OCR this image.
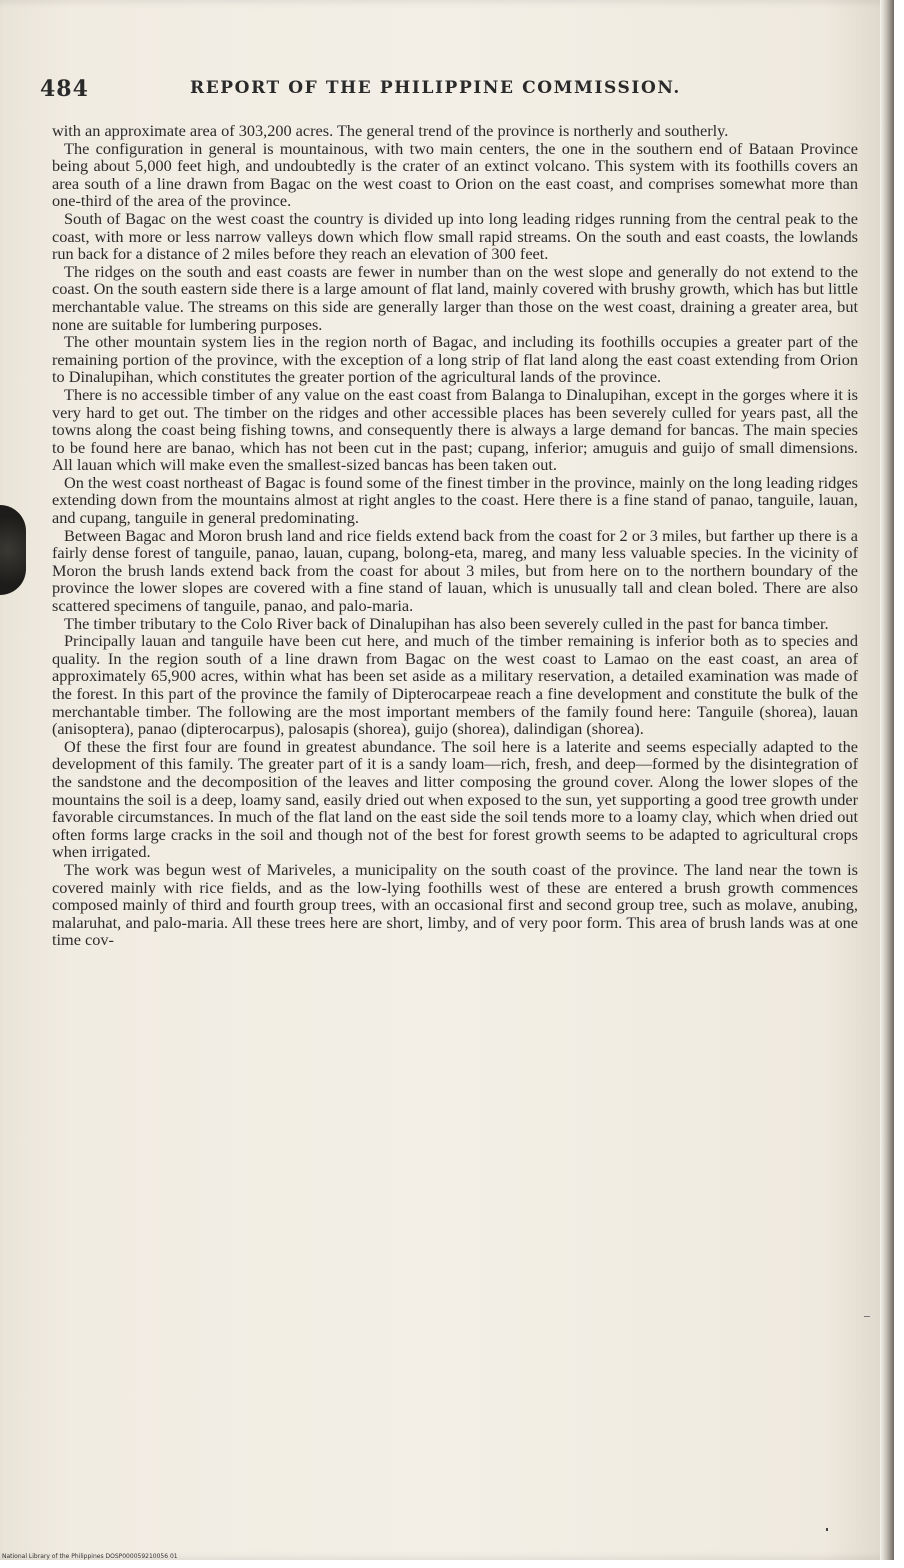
484	REPORT OF THE PHILIPPINE COMMISSION.

with an approximate area of 303,200 acres. The general trend of the province is northerly and southerly.

The configuration in general is mountainous, with two main centers, the one in the southern end of Bataan Province being about 5,000 feet high, and undoubtedly is the crater of an extinct volcano. This system with its foothills covers an area south of a line drawn from Bagac on the west coast to Orion on the east coast, and comprises somewhat more than one-third of the area of the province.

South of Bagac on the west coast the country is divided up into long leading ridges running from the central peak to the coast, with more or less narrow valleys down which flow small rapid streams. On the south and east coasts, the lowlands run back for a distance of 2 miles before they reach an elevation of 300 feet.

The ridges on the south and east coasts are fewer in number than on the west slope and generally do not extend to the coast. On the south eastern side there is a large amount of flat land, mainly covered with brushy growth, which has but little merchantable value. The streams on this side are generally larger than those on the west coast, draining a greater area, but none are suitable for lumbering purposes.

The other mountain system lies in the region north of Bagac, and including its foothills occupies a greater part of the remaining portion of the province, with the exception of a long strip of flat land along the east coast extending from Orion to Dinalupihan, which constitutes the greater portion of the agricultural lands of the province.

There is no accessible timber of any value on the east coast from Balanga to Dinalupihan, except in the gorges where it is very hard to get out. The timber on the ridges and other accessible places has been severely culled for years past, all the towns along the coast being fishing towns, and consequently there is always a large demand for bancas. The main species to be found here are banao, which has not been cut in the past; cupang, inferior; amuguis and guijo of small dimensions. All lauan which will make even the smallest-sized bancas has been taken out.

On the west coast northeast of Bagac is found some of the finest timber in the province, mainly on the long leading ridges extending down from the mountains almost at right angles to the coast. Here there is a fine stand of panao, tanguile, lauan, and cupang, tanguile in general predominating.

Between Bagac and Moron brush land and rice fields extend back from the coast for 2 or 3 miles, but farther up there is a fairly dense forest of tanguile, panao, lauan, cupang, bolong-eta, mareg, and many less valuable species. In the vicinity of Moron the brush lands extend back from the coast for about 3 miles, but from here on to the northern boundary of the province the lower slopes are covered with a fine stand of lauan, which is unusually tall and clean boled. There are also scattered specimens of tanguile, panao, and palo-maria.

The timber tributary to the Colo River back of Dinalupihan has also been severely culled in the past for banca timber.

Principally lauan and tanguile have been cut here, and much of the timber remaining is inferior both as to species and quality. In the region south of a line drawn from Bagac on the west coast to Lamao on the east coast, an area of approximately 65,900 acres, within what has been set aside as a military reservation, a detailed examination was made of the forest. In this part of the province the family of Dipterocarpeae reach a fine development and constitute the bulk of the merchantable timber. The following are the most important members of the family found here: Tanguile (shorea), lauan (anisoptera), panao (dipterocarpus), palosapis (shorea), guijo (shorea), dalindigan (shorea).

Of these the first four are found in greatest abundance. The soil here is a laterite and seems especially adapted to the development of this family. The greater part of it is a sandy loam—rich, fresh, and deep—formed by the disintegration of the sandstone and the decomposition of the leaves and litter composing the ground cover. Along the lower slopes of the mountains the soil is a deep, loamy sand, easily dried out when exposed to the sun, yet supporting a good tree growth under favorable circumstances. In much of the flat land on the east side the soil tends more to a loamy clay, which when dried out often forms large cracks in the soil and though not of the best for forest growth seems to be adapted to agricultural crops when irrigated.

The work was begun west of Mariveles, a municipality on the south coast of the province. The land near the town is covered mainly with rice fields, and as the low-lying foothills west of these are entered a brush growth commences composed mainly of third and fourth group trees, with an occasional first and second group tree, such as molave, anubing, malaruhat, and palo-maria. All these trees here are short, limby, and of very poor form. This area of brush lands was at one time cov-

National Library of the Philippines DOSP000059210056 01
